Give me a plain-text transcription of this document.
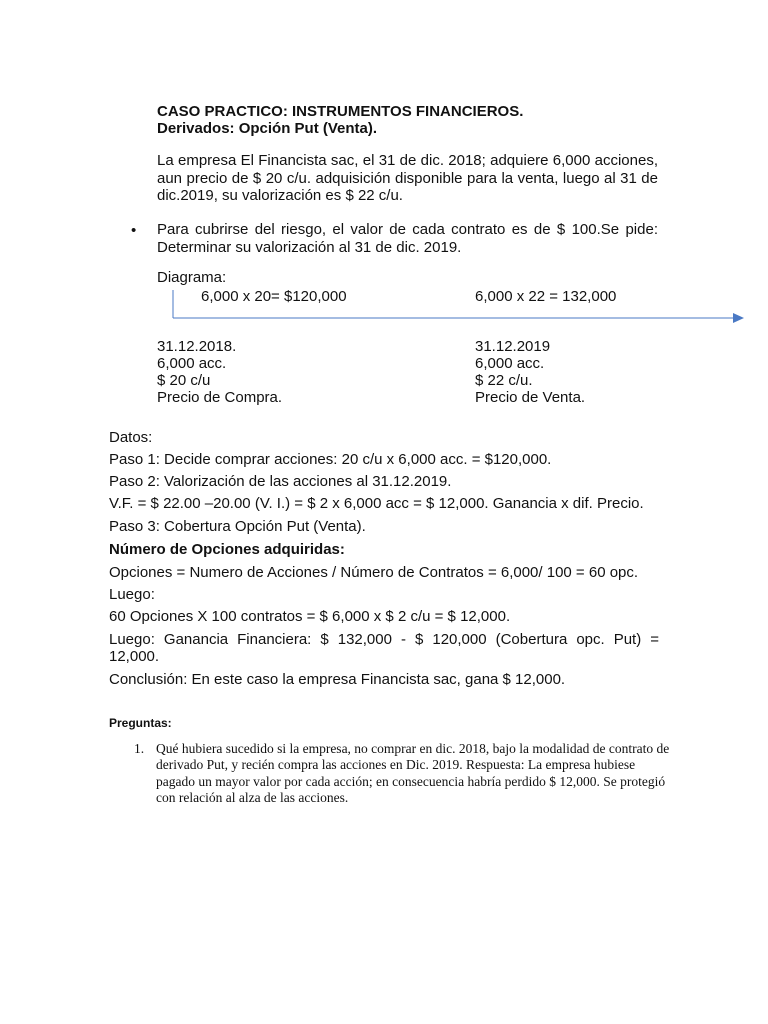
CASO PRACTICO: INSTRUMENTOS FINANCIEROS.
Derivados: Opción Put (Venta).
La empresa El Financista sac, el 31 de dic. 2018; adquiere 6,000 acciones, aun precio de $ 20 c/u. adquisición disponible para la venta, luego al 31 de dic.2019, su valorización es $ 22 c/u.
• Para cubrirse del riesgo, el valor de cada contrato es de $ 100.Se pide: Determinar su valorización al 31 de dic. 2019.
Diagrama:
6,000 x 20= $120,000	6,000 x 22 = 132,000
31.12.2018.
6,000 acc.
$ 20 c/u
Precio de Compra.
31.12.2019
6,000 acc.
$ 22 c/u.
Precio de Venta.
Datos:
Paso 1: Decide comprar acciones: 20 c/u x 6,000 acc. = $120,000.
Paso 2: Valorización de las acciones al 31.12.2019.
V.F. = $ 22.00 –20.00 (V. I.) = $ 2 x 6,000 acc = $ 12,000. Ganancia x dif. Precio.
Paso 3: Cobertura Opción Put (Venta).
Número de Opciones adquiridas:
Opciones = Numero de Acciones / Número de Contratos = 6,000/ 100 = 60 opc.
Luego:
60 Opciones X 100 contratos = $ 6,000 x $ 2 c/u = $ 12,000.
Luego: Ganancia Financiera: $ 132,000 - $ 120,000 (Cobertura opc. Put) = 12,000.
Conclusión: En este caso la empresa Financista sac, gana $ 12,000.
Preguntas:
1. Qué hubiera sucedido si la empresa, no comprar en dic. 2018, bajo la modalidad de contrato de derivado Put, y recién compra las acciones en Dic. 2019. Respuesta: La empresa hubiese pagado un mayor valor por cada acción; en consecuencia habría perdido $ 12,000. Se protegió con relación al alza de las acciones.
